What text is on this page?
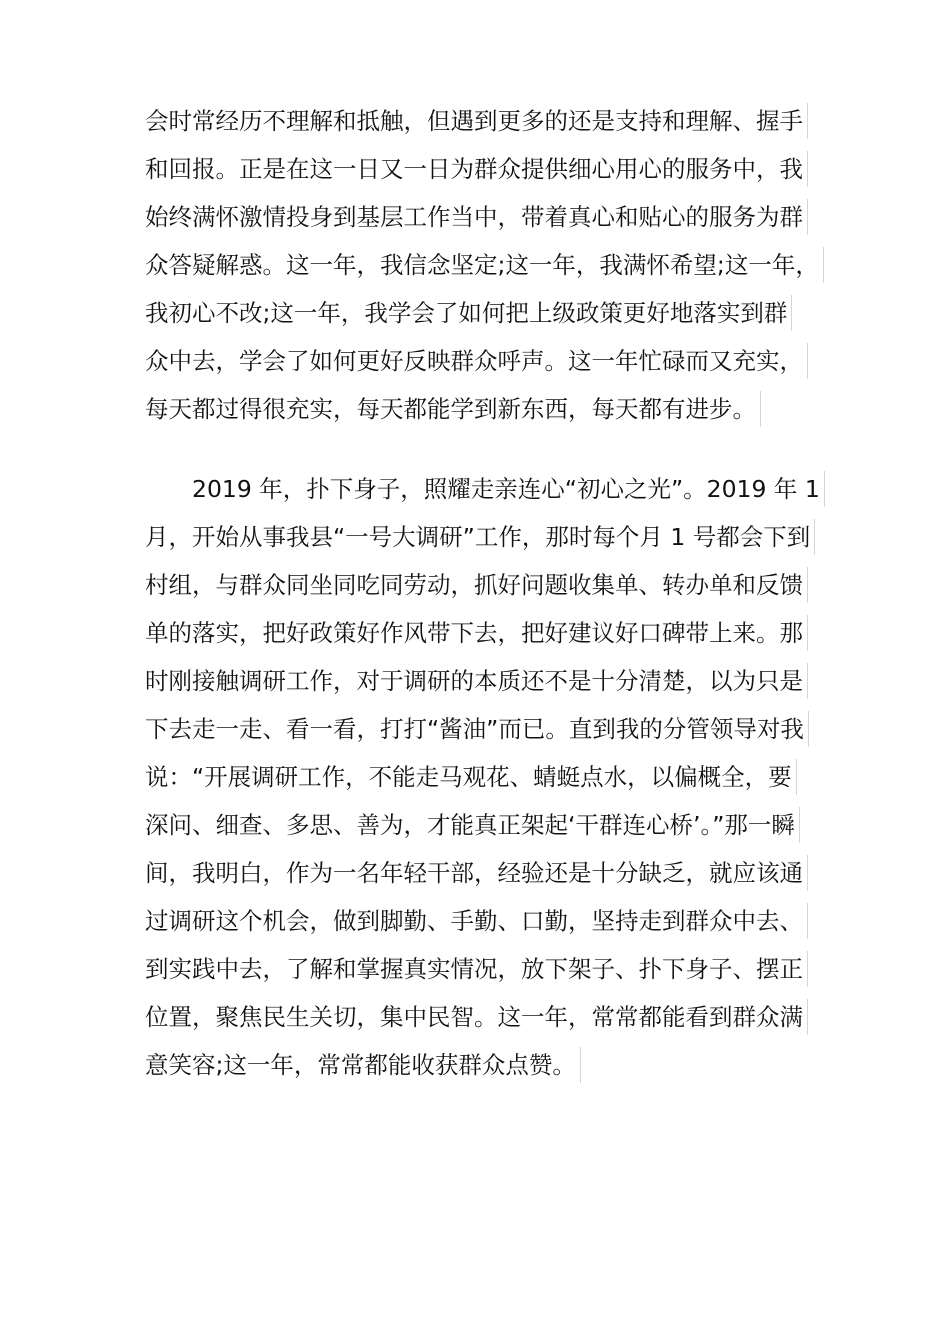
会时常经历不理解和抵触，但遇到更多的还是支持和理解、握手
和回报。正是在这一日又一日为群众提供细心用心的服务中，我
始终满怀激情投身到基层工作当中，带着真心和贴心的服务为群
众答疑解惑。这一年，我信念坚定;这一年，我满怀希望;这一年，
我初心不改;这一年，我学会了如何把上级政策更好地落实到群
众中去，学会了如何更好反映群众呼声。这一年忙碌而又充实，
每天都过得很充实，每天都能学到新东西，每天都有进步。
　　2019 年，扑下身子，照耀走亲连心“初心之光”。2019 年 1
月，开始从事我县“一号大调研”工作，那时每个月 1 号都会下到
村组，与群众同坐同吃同劳动，抓好问题收集单、转办单和反馈
单的落实，把好政策好作风带下去，把好建议好口碑带上来。那
时刚接触调研工作，对于调研的本质还不是十分清楚，以为只是
下去走一走、看一看，打打“酱油”而已。直到我的分管领导对我
说：“开展调研工作，不能走马观花、蜻蜓点水，以偏概全，要
深问、细查、多思、善为，才能真正架起‘干群连心桥’。”那一瞬
间，我明白，作为一名年轻干部，经验还是十分缺乏，就应该通
过调研这个机会，做到脚勤、手勤、口勤，坚持走到群众中去、
到实践中去，了解和掌握真实情况，放下架子、扑下身子、摆正
位置，聚焦民生关切，集中民智。这一年，常常都能看到群众满
意笑容;这一年，常常都能收获群众点赞。
